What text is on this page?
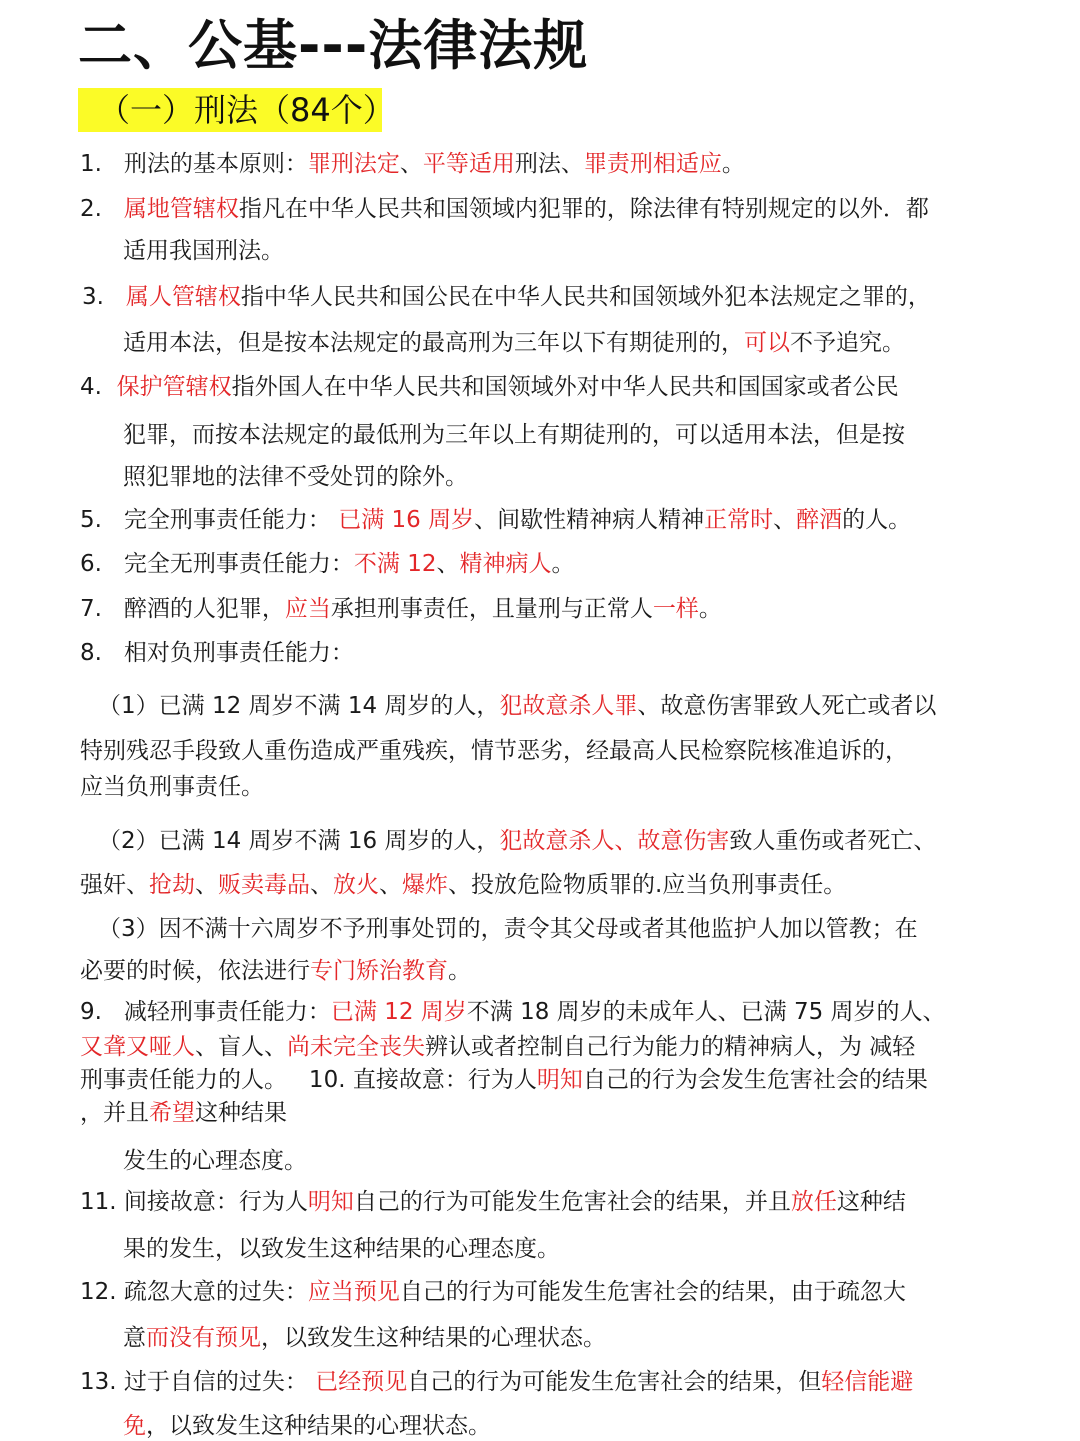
二、公基---法律法规
（一）刑法（84个）
1.   刑法的基本原则：罪刑法定、平等适用刑法、罪责刑相适应。
2.   属地管辖权指凡在中华人民共和国领域内犯罪的，除法律有特别规定的以外．都
适用我国刑法。
3.   属人管辖权指中华人民共和国公民在中华人民共和国领域外犯本法规定之罪的，
适用本法，但是按本法规定的最高刑为三年以下有期徒刑的，可以不予追究。
4.  保护管辖权指外国人在中华人民共和国领域外对中华人民共和国国家或者公民
犯罪，而按本法规定的最低刑为三年以上有期徒刑的，可以适用本法，但是按
照犯罪地的法律不受处罚的除外。
5.   完全刑事责任能力： 已满 16 周岁、间歇性精神病人精神正常时、醉酒的人。
6.   完全无刑事责任能力：不满 12、精神病人。
7.   醉酒的人犯罪，应当承担刑事责任，且量刑与正常人一样。
8.   相对负刑事责任能力：
（1）已满 12 周岁不满 14 周岁的人，犯故意杀人罪、故意伤害罪致人死亡或者以
特别残忍手段致人重伤造成严重残疾，情节恶劣，经最高人民检察院核准追诉的，
应当负刑事责任。
（2）已满 14 周岁不满 16 周岁的人，犯故意杀人、故意伤害致人重伤或者死亡、
强奸、抢劫、贩卖毒品、放火、爆炸、投放危险物质罪的.应当负刑事责任。
（3）因不满十六周岁不予刑事处罚的，责令其父母或者其他监护人加以管教；在
必要的时候，依法进行专门矫治教育。
9.   减轻刑事责任能力：已满 12 周岁不满 18 周岁的未成年人、已满 75 周岁的人、
又聋又哑人、盲人、尚未完全丧失辨认或者控制自己行为能力的精神病人，为 减轻
刑事责任能力的人。   10. 直接故意：行为人明知自己的行为会发生危害社会的结果
，并且希望这种结果
发生的心理态度。
11. 间接故意：行为人明知自己的行为可能发生危害社会的结果，并且放任这种结
果的发生，以致发生这种结果的心理态度。
12. 疏忽大意的过失：应当预见自己的行为可能发生危害社会的结果，由于疏忽大
意而没有预见，以致发生这种结果的心理状态。
13. 过于自信的过失： 已经预见自己的行为可能发生危害社会的结果，但轻信能避
免，以致发生这种结果的心理状态。
